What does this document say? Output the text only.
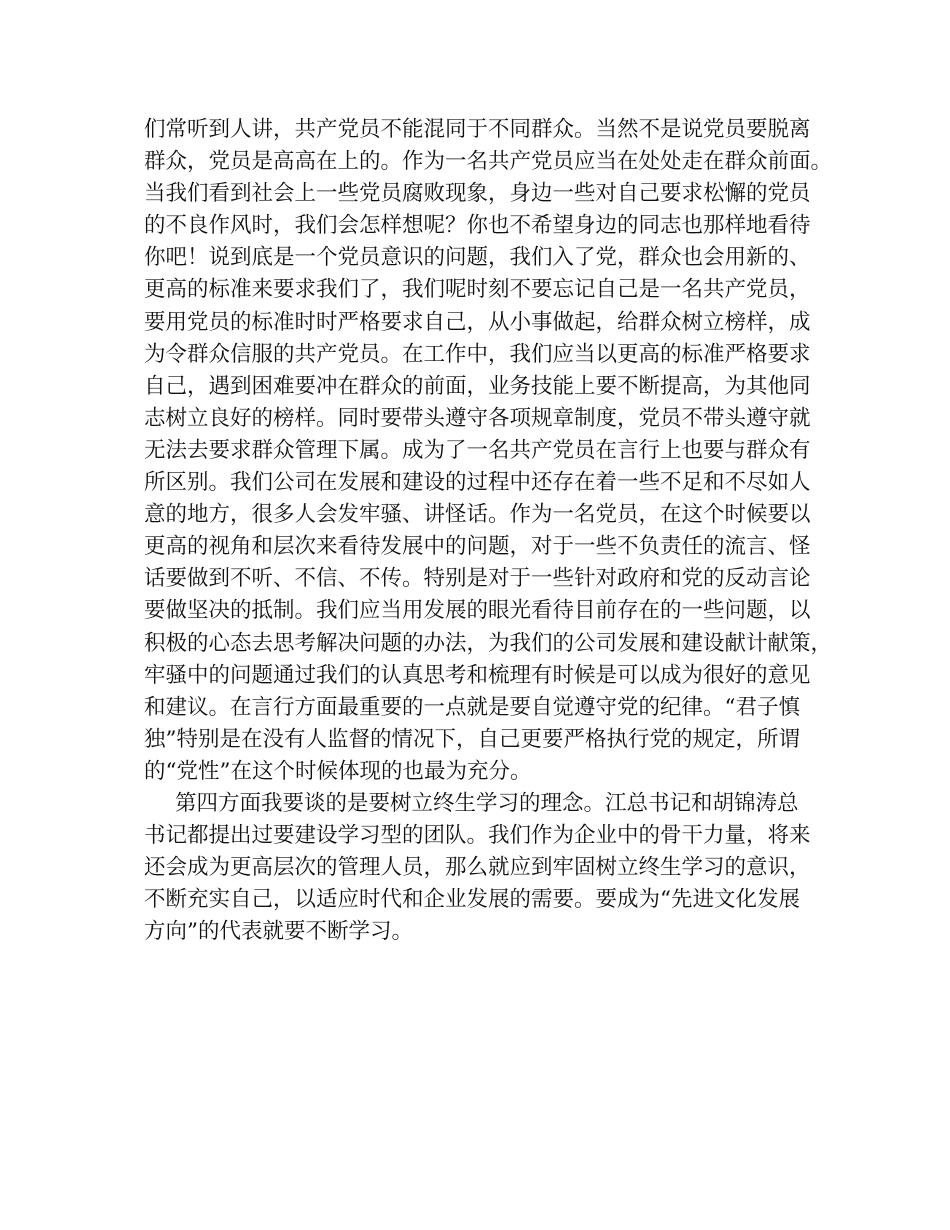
们常听到人讲，共产党员不能混同于不同群众。当然不是说党员要脱离
群众，党员是高高在上的。作为一名共产党员应当在处处走在群众前面。
当我们看到社会上一些党员腐败现象，身边一些对自己要求松懈的党员
的不良作风时，我们会怎样想呢？你也不希望身边的同志也那样地看待
你吧！说到底是一个党员意识的问题，我们入了党，群众也会用新的、
更高的标准来要求我们了，我们呢时刻不要忘记自己是一名共产党员，
要用党员的标准时时严格要求自己，从小事做起，给群众树立榜样，成
为令群众信服的共产党员。在工作中，我们应当以更高的标准严格要求
自己，遇到困难要冲在群众的前面，业务技能上要不断提高，为其他同
志树立良好的榜样。同时要带头遵守各项规章制度，党员不带头遵守就
无法去要求群众管理下属。成为了一名共产党员在言行上也要与群众有
所区别。我们公司在发展和建设的过程中还存在着一些不足和不尽如人
意的地方，很多人会发牢骚、讲怪话。作为一名党员，在这个时候要以
更高的视角和层次来看待发展中的问题，对于一些不负责任的流言、怪
话要做到不听、不信、不传。特别是对于一些针对政府和党的反动言论
要做坚决的抵制。我们应当用发展的眼光看待目前存在的一些问题，以
积极的心态去思考解决问题的办法，为我们的公司发展和建设献计献策，
牢骚中的问题通过我们的认真思考和梳理有时候是可以成为很好的意见
和建议。在言行方面最重要的一点就是要自觉遵守党的纪律。“君子慎
独”特别是在没有人监督的情况下，自己更要严格执行党的规定，所谓
的“党性”在这个时候体现的也最为充分。
第四方面我要谈的是要树立终生学习的理念。江总书记和胡锦涛总
书记都提出过要建设学习型的团队。我们作为企业中的骨干力量，将来
还会成为更高层次的管理人员，那么就应到牢固树立终生学习的意识，
不断充实自己，以适应时代和企业发展的需要。要成为“先进文化发展
方向”的代表就要不断学习。
